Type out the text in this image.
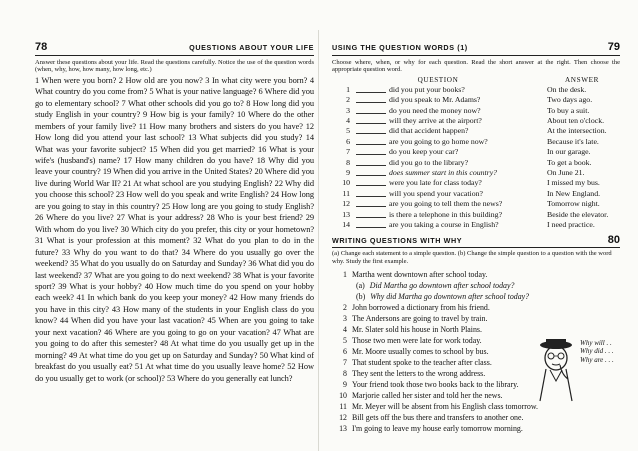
78	QUESTIONS ABOUT YOUR LIFE
Answer these questions about your life. Read the questions carefully. Notice the use of the question words (when, why, how, how many, how long, etc.)

1 When were you born? 2 How old are you now? 3 In what city were you born? 4 What country do you come from? 5 What is your native language? 6 Where did you go to elementary school? 7 What other schools did you go to? 8 How long did you study English in your country? 9 How big is your family? 10 Where do the other members of your family live? 11 How many brothers and sisters do you have? 12 How long did you attend your last school? 13 What subjects did you study? 14 What was your favorite subject? 15 When did you get married? 16 What is your wife's (husband's) name? 17 How many children do you have? 18 Why did you leave your country? 19 When did you arrive in the United States? 20 Where did you live during World War II? 21 At what school are you studying English? 22 Why did you choose this school? 23 How well do you speak and write English? 24 How long are you going to stay in this country? 25 How long are you going to study English? 26 Where do you live? 27 What is your address? 28 Who is your best friend? 29 With whom do you live? 30 Which city do you prefer, this city or your hometown? 31 What is your profession at this moment? 32 What do you plan to do in the future? 33 Why do you want to do that? 34 Where do you usually go over the weekend? 35 What do you usually do on Saturday and Sunday? 36 What did you do last weekend? 37 What are you going to do next weekend? 38 What is your favorite sport? 39 What is your hobby? 40 How much time do you spend on your hobby each week? 41 In which bank do you keep your money? 42 How many friends do you have in this city? 43 How many of the students in your English class do you know? 44 When did you have your last vacation? 45 When are you going to take your next vacation? 46 Where are you going to go on your vacation? 47 What are you going to do after this semester? 48 At what time do you usually get up in the morning? 49 At what time do you get up on Saturday and Sunday? 50 What kind of breakfast do you usually eat? 51 At what time do you usually leave home? 52 How do you usually get to work (or school)? 53 Where do you generally eat lunch?

USING THE QUESTION WORDS (1)	79
Choose where, when, or why for each question. Read the short answer at the right. Then choose the appropriate question word.
QUESTION	ANSWER
1	did you put your books?	On the desk.
2	did you speak to Mr. Adams?	Two days ago.
3	do you need the money now?	To buy a suit.
4	will they arrive at the airport?	About ten o'clock.
5	did that accident happen?	At the intersection.
6	are you going to go home now?	Because it's late.
7	do you keep your car?	In our garage.
8	did you go to the library?	To get a book.
9	does summer start in this country?	On June 21.
10	were you late for class today?	I missed my bus.
11	will you spend your vacation?	In New England.
12	are you going to tell them the news?	Tomorrow night.
13	is there a telephone in this building?	Beside the elevator.
14	are you taking a course in English?	I need practice.
WRITING QUESTIONS WITH WHY	80
(a) Change each statement to a simple question. (b) Change the simple question to a question with the word why. Study the first example.
1 Martha went downtown after school today.
(a) Did Martha go downtown after school today?
(b) Why did Martha go downtown after school today?
2 John borrowed a dictionary from his friend.
3 The Andersons are going to travel by train.
4 Mr. Slater sold his house in North Plains.
5 Those two men were late for work today.
6 Mr. Moore usually comes to school by bus.
7 That student spoke to the teacher after class.
8 They sent the letters to the wrong address.
9 Your friend took those two books back to the library.
10 Marjorie called her sister and told her the news.
11 Mr. Meyer will be absent from his English class tomorrow.
12 Bill gets off the bus there and transfers to another one.
13 I'm going to leave my house early tomorrow morning.
Why will . .
Why did . . .
Why are . . .
